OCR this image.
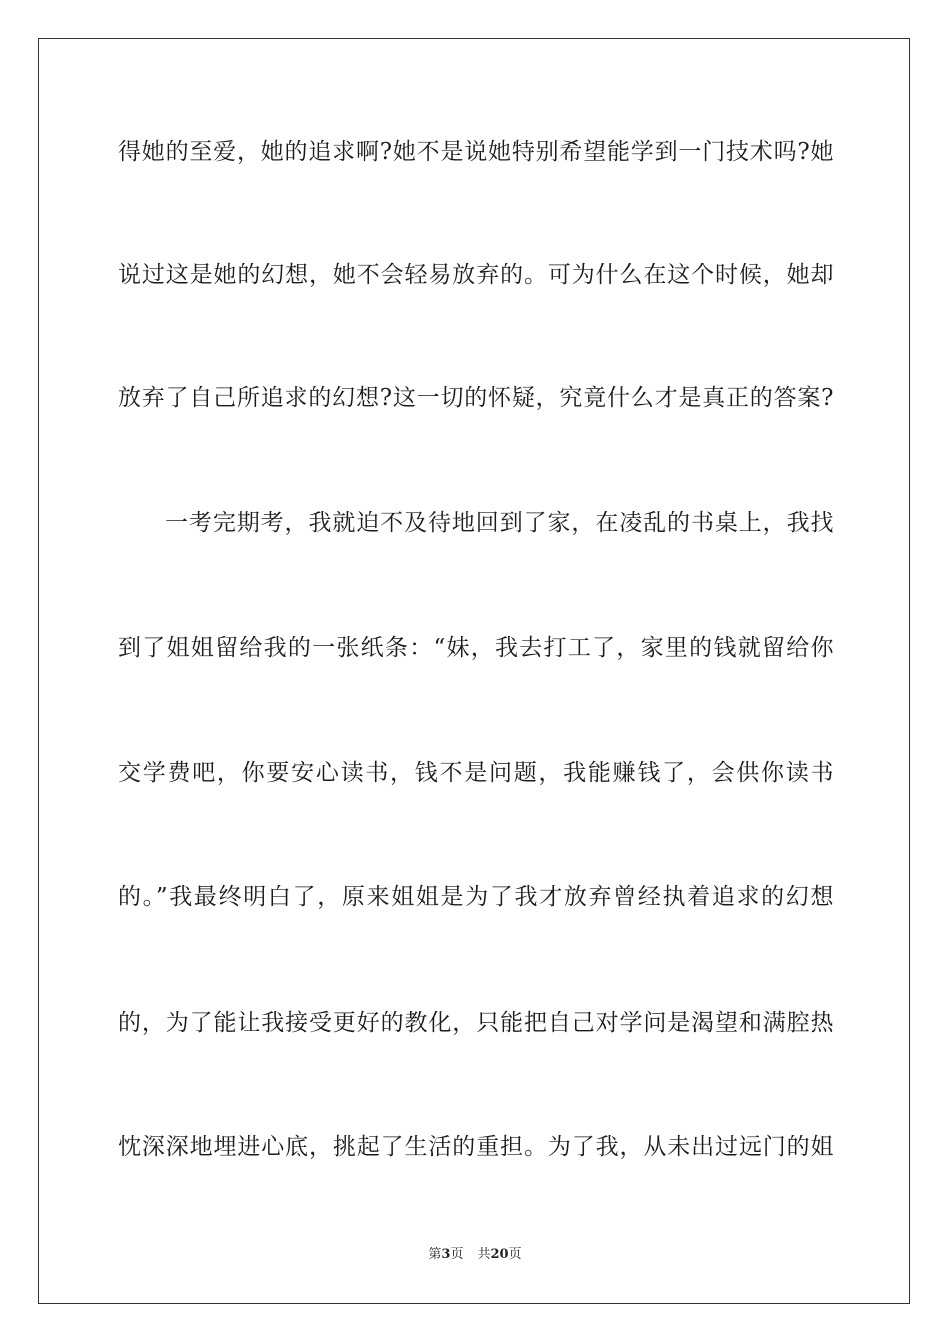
得她的至爱，她的追求啊?她不是说她特别希望能学到一门技术吗?她
说过这是她的幻想，她不会轻易放弃的。可为什么在这个时候，她却
放弃了自己所追求的幻想?这一切的怀疑，究竟什么才是真正的答案?
一考完期考，我就迫不及待地回到了家，在凌乱的书桌上，我找
到了姐姐留给我的一张纸条：“妹，我去打工了，家里的钱就留给你
交学费吧，你要安心读书，钱不是问题，我能赚钱了，会供你读书
的。”我最终明白了，原来姐姐是为了我才放弃曾经执着追求的幻想
的，为了能让我接受更好的教化，只能把自己对学问是渴望和满腔热
忱深深地埋进心底，挑起了生活的重担。为了我，从未出过远门的姐
第3页 共20页
